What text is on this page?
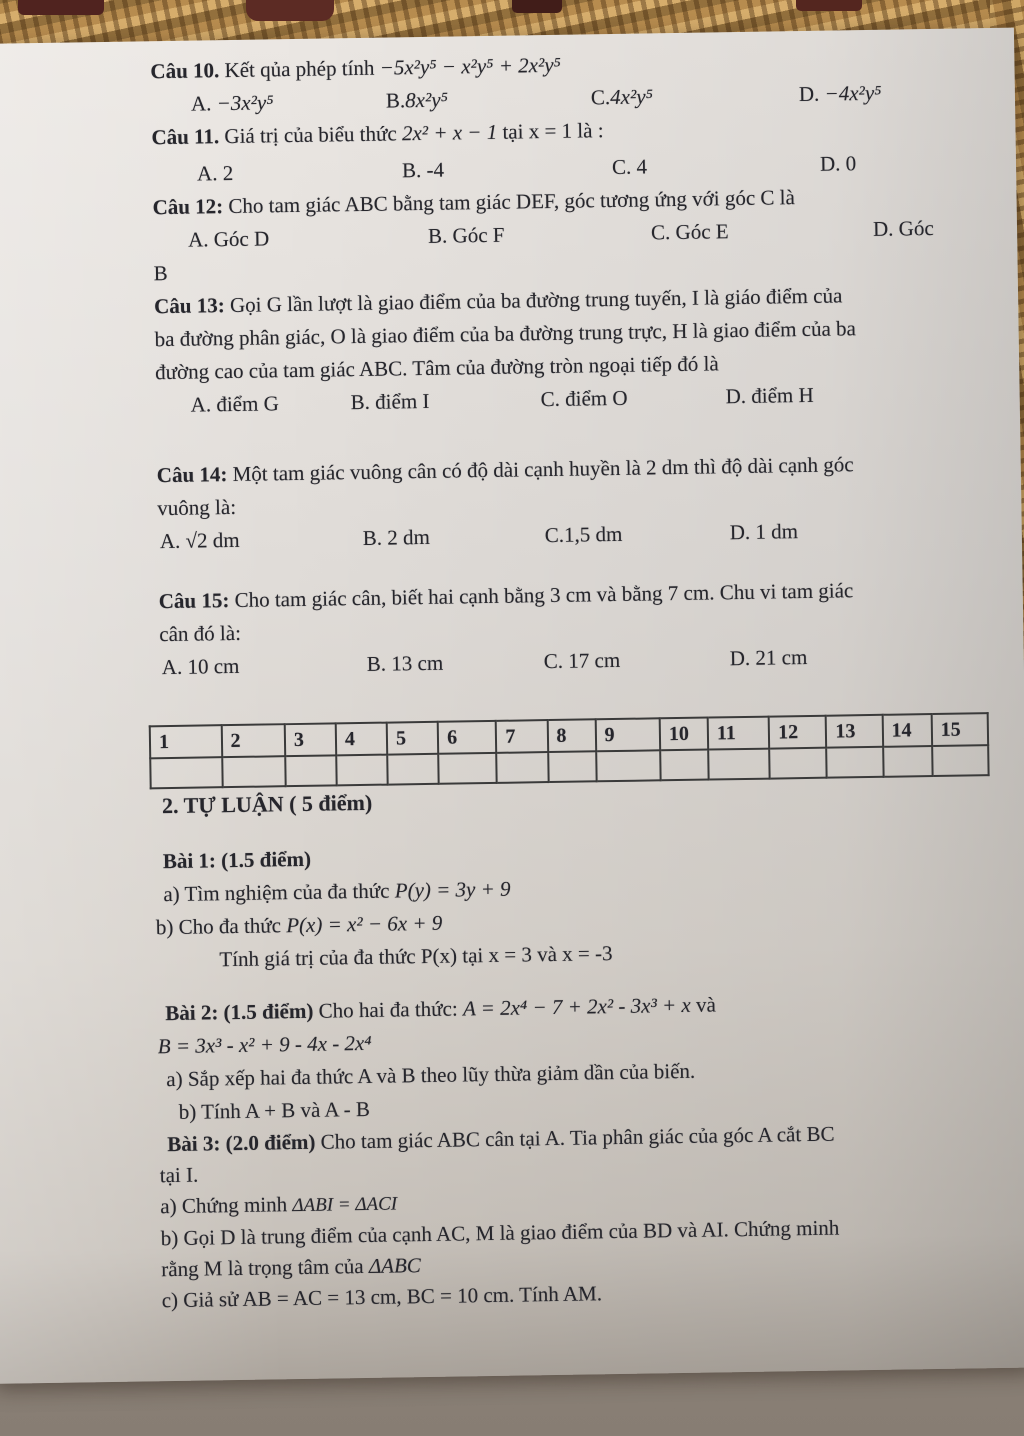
Câu 10. Kết qủa phép tính −5x²y⁵ − x²y⁵ + 2x²y⁵

A. −3x²y⁵	B.8x²y⁵	C.4x²y⁵	D. −4x²y⁵

Câu 11. Giá trị của biểu thức 2x² + x − 1 tại x = 1 là :

A. 2	B. -4	C. 4	D. 0

Câu 12: Cho tam giác ABC bằng tam giác DEF, góc tương ứng với góc C là

A. Góc D	B. Góc F	C. Góc E	D. Góc

B

Câu 13: Gọi G lần lượt là giao điểm của ba đường trung tuyến, I là giáo điểm của

ba đường phân giác, O là giao điểm của ba đường trung trực, H là giao điểm của ba

đường cao của tam giác ABC. Tâm của đường tròn ngoại tiếp đó là

A. điểm G	B. điểm I	C. điểm O	D. điểm H

Câu 14: Một tam giác vuông cân có độ dài cạnh huyền là 2 dm thì độ dài cạnh góc

vuông là:

A. √2 dm	B. 2 dm	C.1,5 dm	D. 1 dm

Câu 15: Cho tam giác cân, biết hai cạnh bằng 3 cm và bằng 7 cm. Chu vi tam giác

cân đó là:

A. 10 cm	B. 13 cm	C. 17 cm	D. 21 cm
1	2	3	4	5	6	7	8	9	10	11	12	13	14	15

2. TỰ LUẬN ( 5 điểm)

Bài 1: (1.5 điểm)

a) Tìm nghiệm của đa thức P(y) = 3y + 9

b) Cho đa thức P(x) = x² − 6x + 9

Tính giá trị của đa thức P(x) tại x = 3 và x = -3

Bài 2: (1.5 điểm) Cho hai đa thức: A = 2x⁴ − 7 + 2x² - 3x³ + x và

B = 3x³ - x² + 9 - 4x - 2x⁴

a) Sắp xếp hai đa thức A và B theo lũy thừa giảm dần của biến.

b) Tính A + B và A - B

Bài 3: (2.0 điểm) Cho tam giác ABC cân tại A. Tia phân giác của góc A cắt BC

tại I.

a) Chứng minh ΔABI = ΔACI

b) Gọi D là trung điểm của cạnh AC, M là giao điểm của BD và AI. Chứng minh

rằng M là trọng tâm của ΔABC

c) Giả sử AB = AC = 13 cm, BC = 10 cm. Tính AM.
